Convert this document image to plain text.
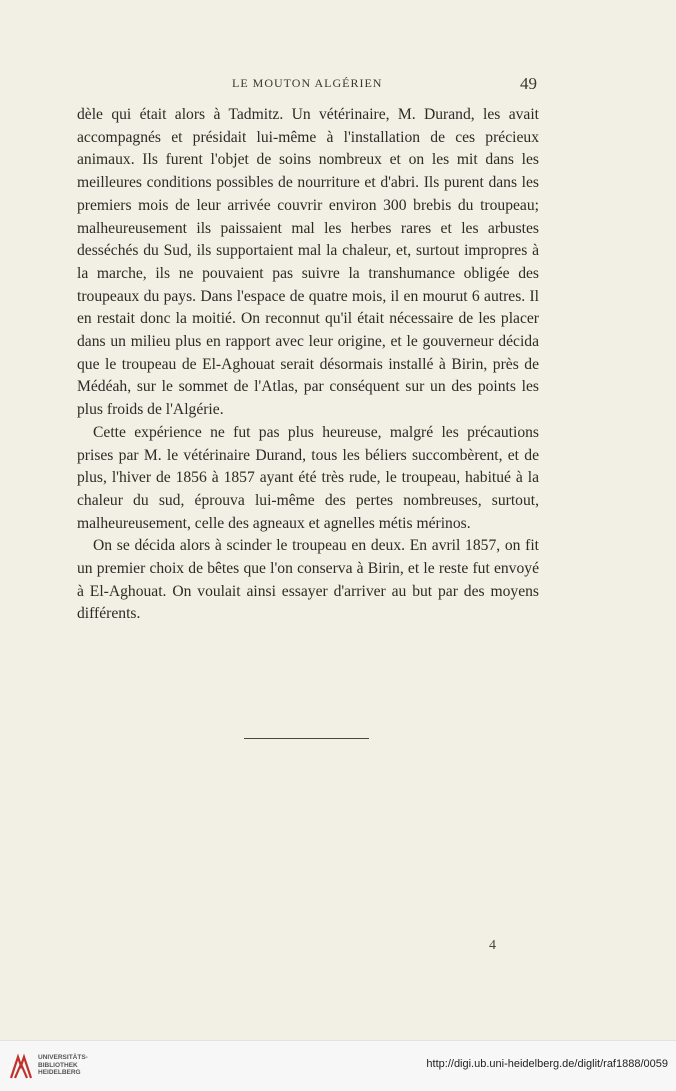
LE MOUTON ALGÉRIEN	49

dèle qui était alors à Tadmitz. Un vétérinaire, M. Durand, les avait accompagnés et présidait lui-même à l'installation de ces précieux animaux. Ils furent l'objet de soins nombreux et on les mit dans les meilleures conditions possibles de nourriture et d'abri. Ils purent dans les premiers mois de leur arrivée couvrir environ 300 brebis du troupeau; malheureusement ils paissaient mal les herbes rares et les arbustes desséchés du Sud, ils supportaient mal la chaleur, et, surtout impropres à la marche, ils ne pouvaient pas suivre la transhumance obligée des troupeaux du pays. Dans l'espace de quatre mois, il en mourut 6 autres. Il en restait donc la moitié. On reconnut qu'il était nécessaire de les placer dans un milieu plus en rapport avec leur origine, et le gouverneur décida que le troupeau de El-Aghouat serait désormais installé à Birin, près de Médéah, sur le sommet de l'Atlas, par conséquent sur un des points les plus froids de l'Algérie.

Cette expérience ne fut pas plus heureuse, malgré les précautions prises par M. le vétérinaire Durand, tous les béliers succombèrent, et de plus, l'hiver de 1856 à 1857 ayant été très rude, le troupeau, habitué à la chaleur du sud, éprouva lui-même des pertes nombreuses, surtout, malheureusement, celle des agneaux et agnelles métis mérinos.

On se décida alors à scinder le troupeau en deux. En avril 1857, on fit un premier choix de bêtes que l'on conserva à Birin, et le reste fut envoyé à El-Aghouat. On voulait ainsi essayer d'arriver au but par des moyens différents.

4
UNIVERSITÄTS-
BIBLIOTHEK
HEIDELBERG
http://digi.ub.uni-heidelberg.de/diglit/raf1888/0059
